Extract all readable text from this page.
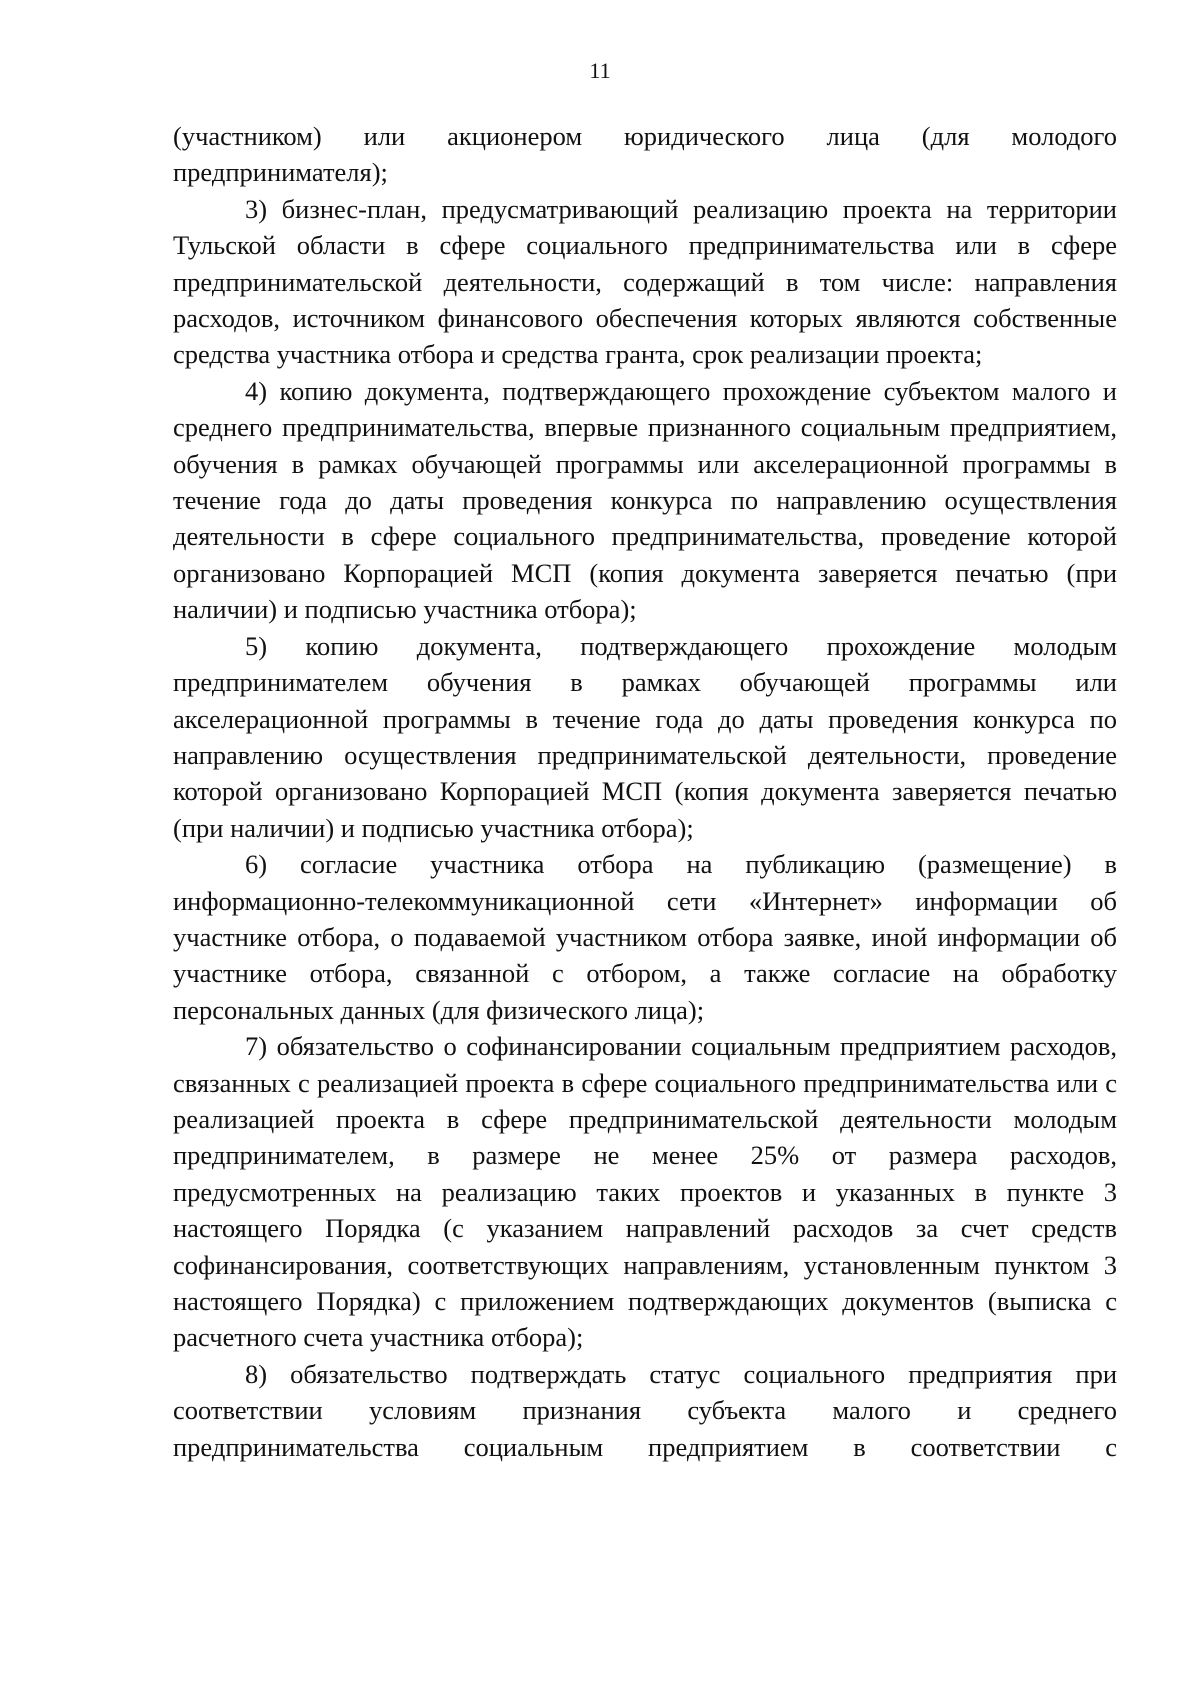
11

(участником) или акционером юридического лица (для молодого предпринимателя);

3) бизнес-план, предусматривающий реализацию проекта на территории Тульской области в сфере социального предпринимательства или в сфере предпринимательской деятельности, содержащий в том числе: направления расходов, источником финансового обеспечения которых являются собственные средства участника отбора и средства гранта, срок реализации проекта;

4) копию документа, подтверждающего прохождение субъектом малого и среднего предпринимательства, впервые признанного социальным предприятием, обучения в рамках обучающей программы или акселерационной программы в течение года до даты проведения конкурса по направлению осуществления деятельности в сфере социального предпринимательства, проведение которой организовано Корпорацией МСП (копия документа заверяется печатью (при наличии) и подписью участника отбора);

5) копию документа, подтверждающего прохождение молодым предпринимателем обучения в рамках обучающей программы или акселерационной программы в течение года до даты проведения конкурса по направлению осуществления предпринимательской деятельности, проведение которой организовано Корпорацией МСП (копия документа заверяется печатью (при наличии) и подписью участника отбора);

6) согласие участника отбора на публикацию (размещение) в информационно-телекоммуникационной сети «Интернет» информации об участнике отбора, о подаваемой участником отбора заявке, иной информации об участнике отбора, связанной с отбором, а также согласие на обработку персональных данных (для физического лица);

7) обязательство о софинансировании социальным предприятием расходов, связанных с реализацией проекта в сфере социального предпринимательства или с реализацией проекта в сфере предпринимательской деятельности молодым предпринимателем, в размере не менее 25% от размера расходов, предусмотренных на реализацию таких проектов и указанных в пункте 3 настоящего Порядка (с указанием направлений расходов за счет средств софинансирования, соответствующих направлениям, установленным пунктом 3 настоящего Порядка) с приложением подтверждающих документов (выписка с расчетного счета участника отбора);

8) обязательство подтверждать статус социального предприятия при соответствии условиям признания субъекта малого и среднего предпринимательства социальным предприятием в соответствии с
